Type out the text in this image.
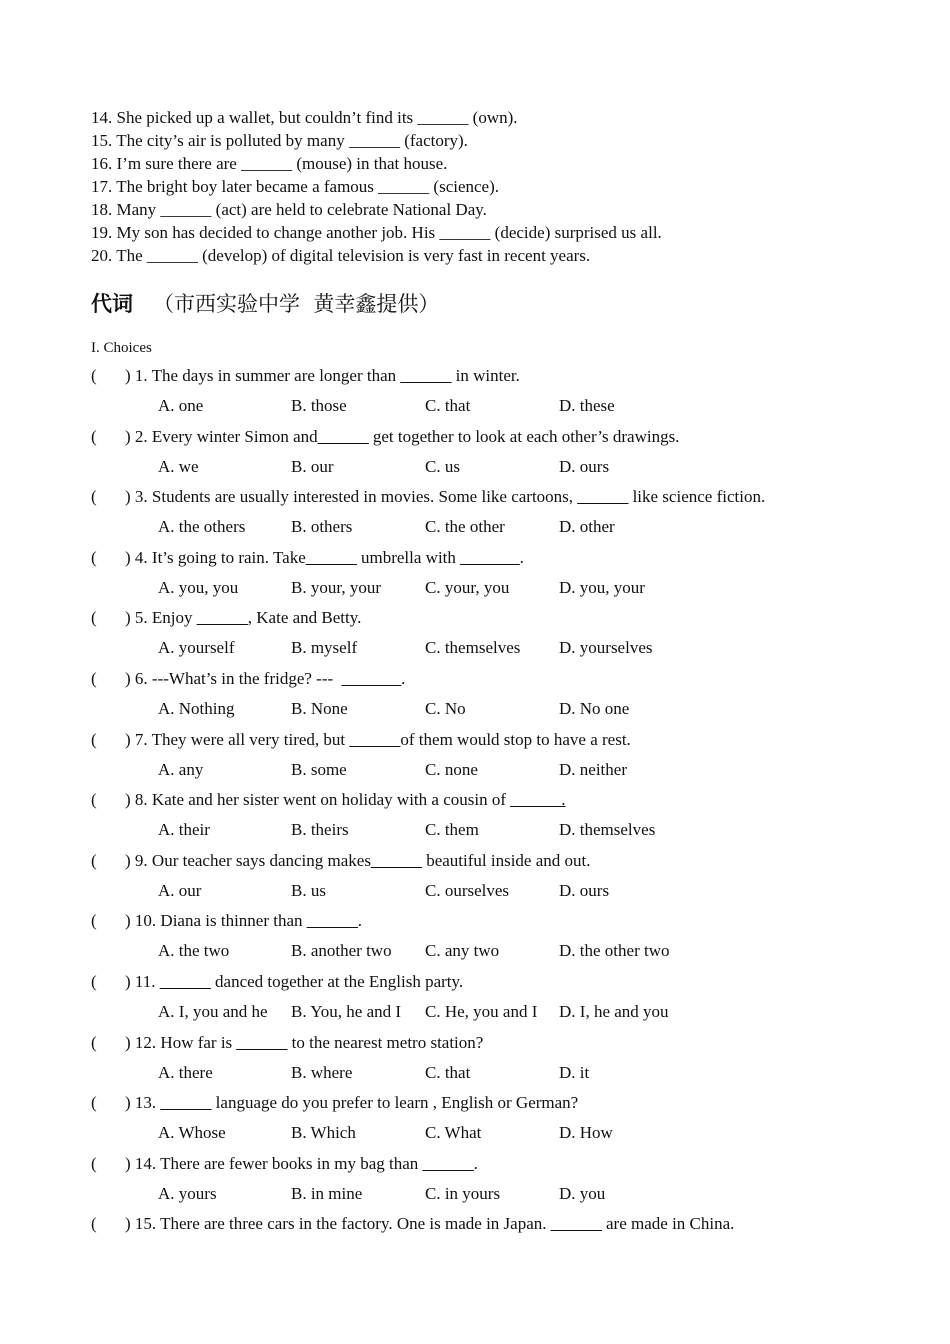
14. She picked up a wallet, but couldn’t find its ______ (own).
15. The city’s air is polluted by many ______ (factory).
16. I’m sure there are ______ (mouse) in that house.
17. The bright boy later became a famous ______ (science).
18. Many ______ (act) are held to celebrate National Day.
19. My son has decided to change another job. His ______ (decide) surprised us all.
20. The ______ (develop) of digital television is very fast in recent years.
代词 （市西实验中学  黄幸鑫提供）
I. Choices
( ) 1. The days in summer are longer than ______ in winter.
A. one	B. those	C. that	D. these
( ) 2. Every winter Simon and______ get together to look at each other’s drawings.
A. we	B. our	C. us	D. ours
( ) 3. Students are usually interested in movies. Some like cartoons, ______ like science fiction.
A. the others	B. others	C. the other	D. other
( ) 4. It’s going to rain. Take______ umbrella with _______.
A. you, you	B. your, your	C. your, you	D. you, your
( ) 5. Enjoy ______, Kate and Betty.
A. yourself	B. myself	C. themselves D. yourselves
( ) 6. ---What’s in the fridge? ---  _______.
A. Nothing	B. None	C. No	D. No one
( ) 7. They were all very tired, but ______of them would stop to have a rest.
A. any	B. some	C. none	D. neither
( ) 8. Kate and her sister went on holiday with a cousin of ______.
A. their	B. theirs	C. them	D. themselves
( ) 9. Our teacher says dancing makes______ beautiful inside and out.
A. our	B. us	C. ourselves	D. ours
( ) 10. Diana is thinner than ______.
A. the two	B. another two C. any two	D. the other two
( ) 11. ______ danced together at the English party.
A. I, you and he B. You, he and I C. He, you and I D. I, he and you
( ) 12. How far is ______ to the nearest metro station?
A. there	B. where	C. that	D. it
( ) 13. ______ language do you prefer to learn , English or German?
A. Whose	B. Which	C. What	D. How
( ) 14. There are fewer books in my bag than ______.
A. yours	B. in mine	C. in yours	D. you
( ) 15. There are three cars in the factory. One is made in Japan. ______ are made in China.
